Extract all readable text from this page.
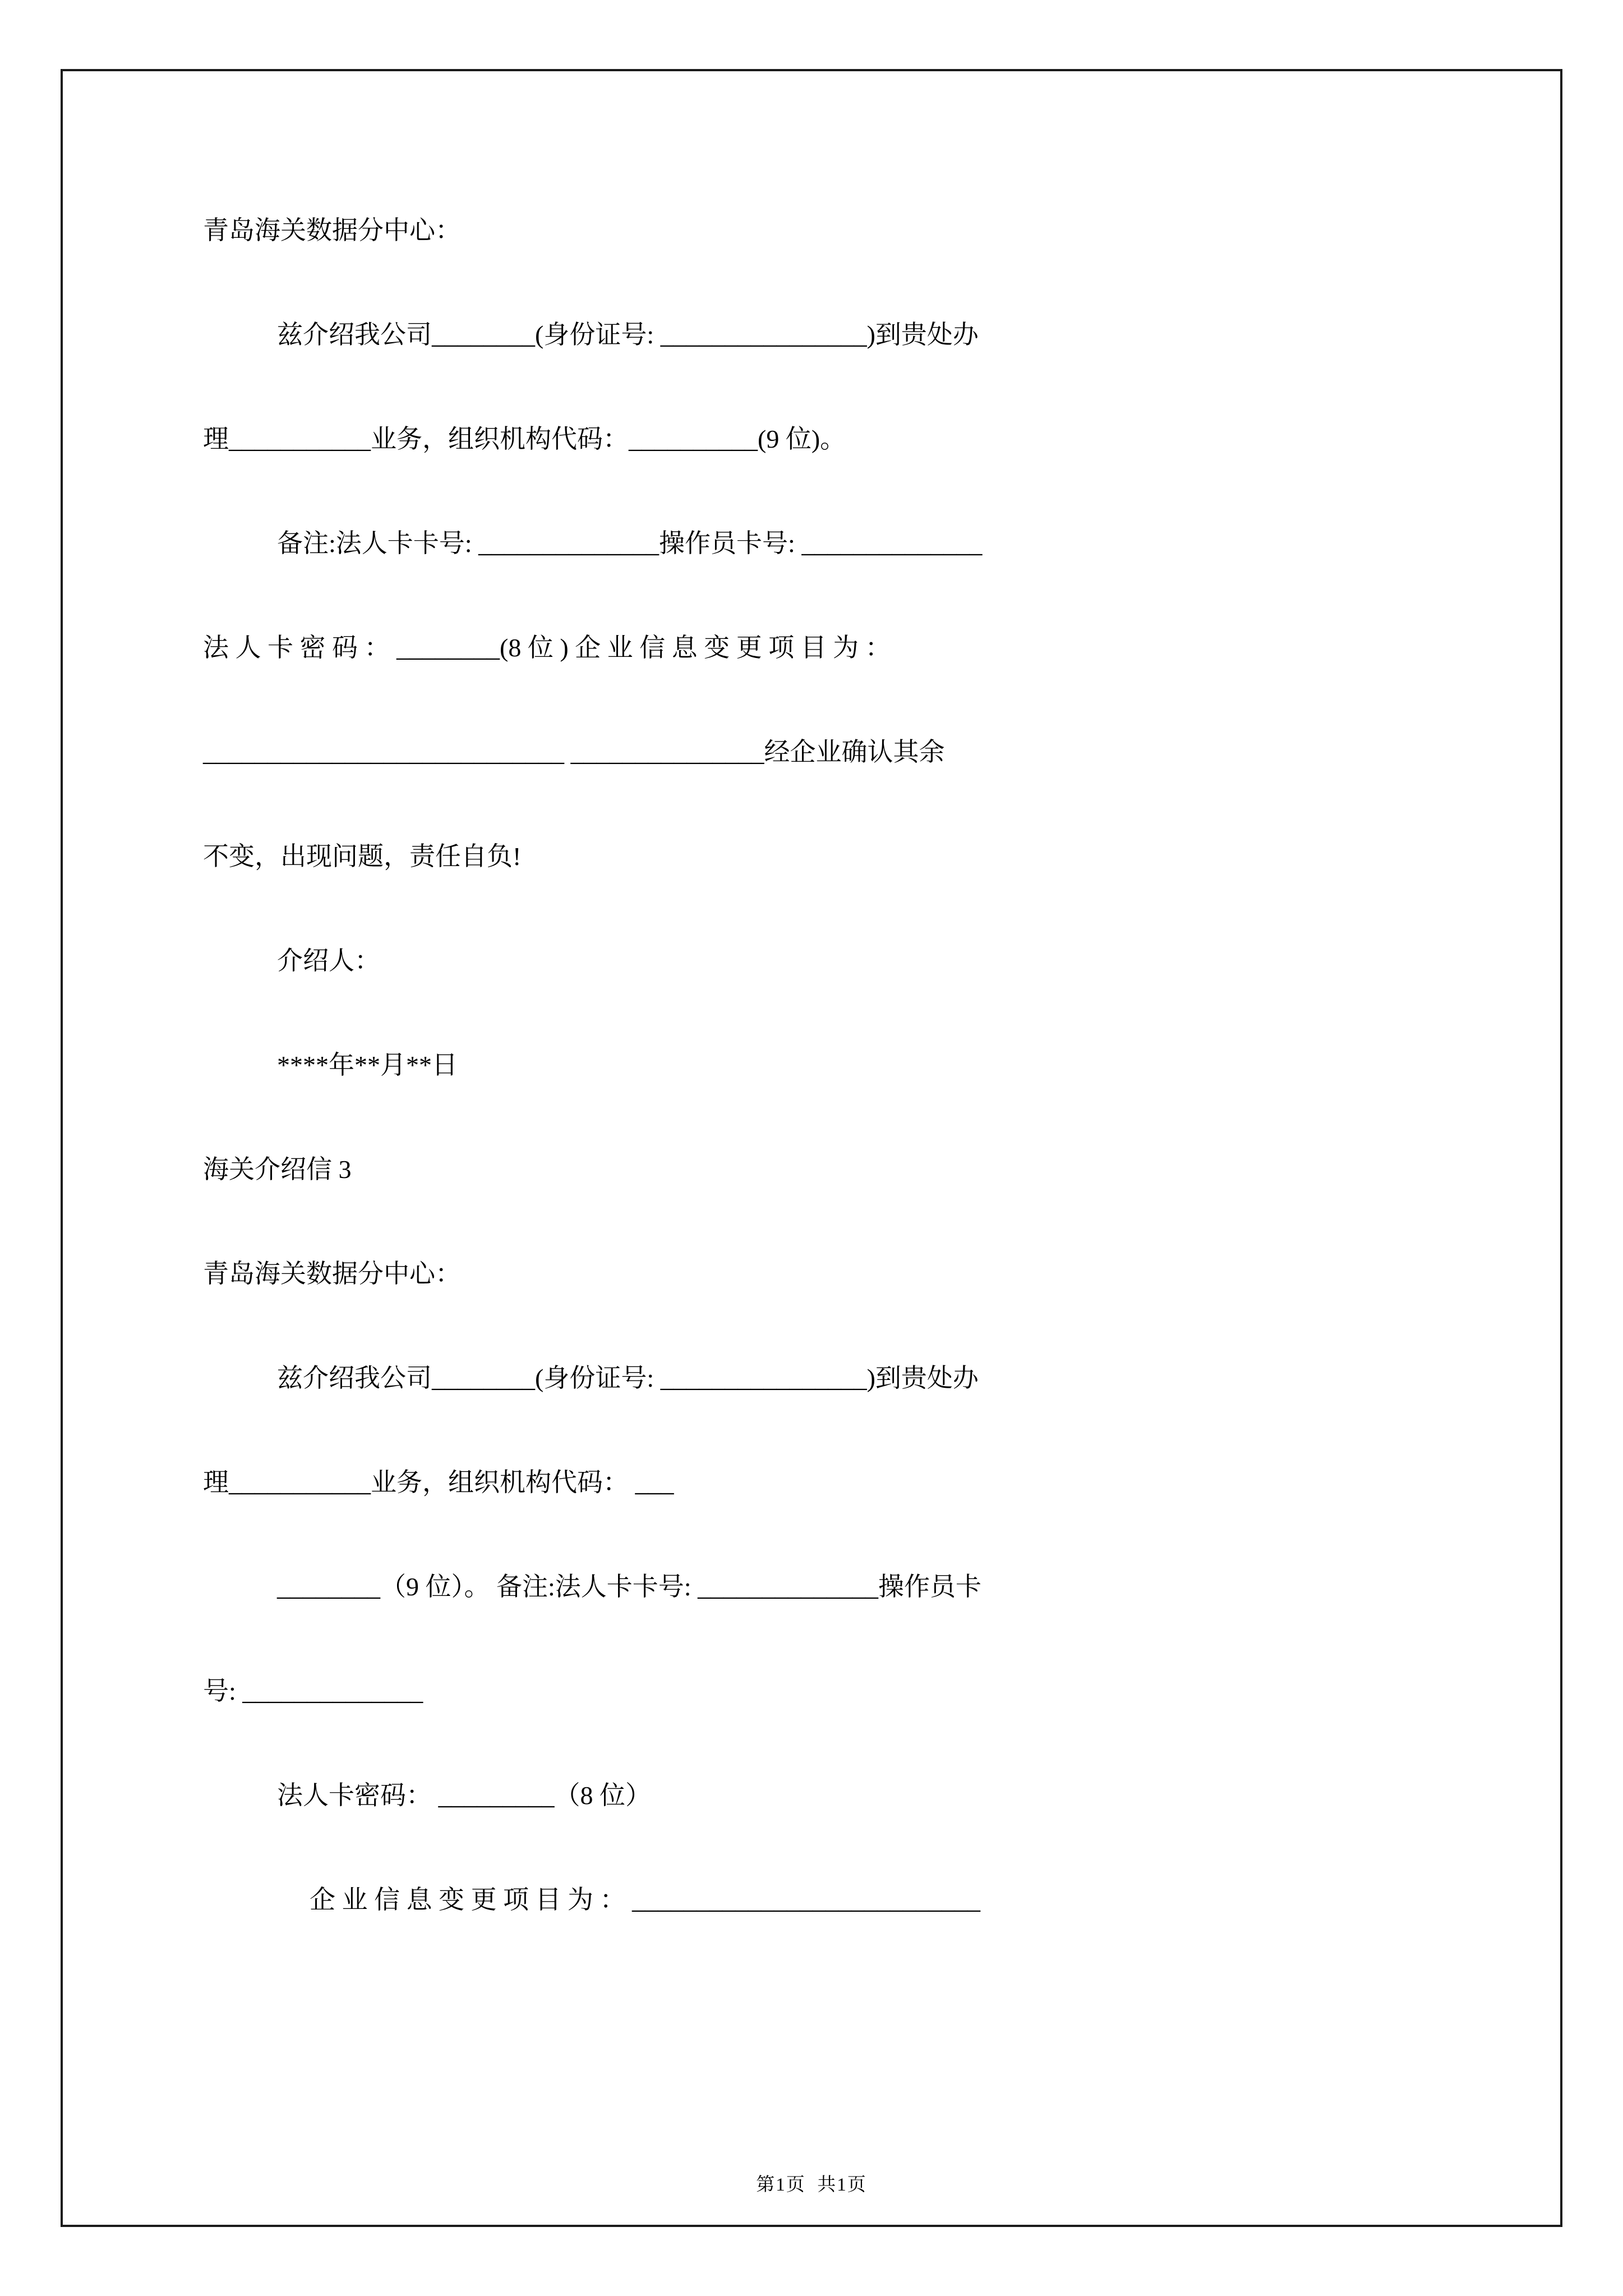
青岛海关数据分中心：
兹介绍我公司________(身份证号: ________________)到贵处办
理___________业务，组织机构代码：__________(9 位)。
备注:法人卡卡号: ______________操作员卡号: ______________
法 人 卡 密 码 ： ________(8 位 ) 企 业 信 息 变 更 项 目 为 ：
____________________________ _______________经企业确认其余
不变，出现问题，责任自负!
介绍人：
****年**月**日
海关介绍信 3
青岛海关数据分中心：
兹介绍我公司________(身份证号: ________________)到贵处办
理___________业务，组织机构代码： ___
________（9 位）。 备注:法人卡卡号: ______________操作员卡
号: ______________
法人卡密码： _________（8 位）
企 业 信 息 变 更 项 目 为 ： ___________________________
第1页  共1页
